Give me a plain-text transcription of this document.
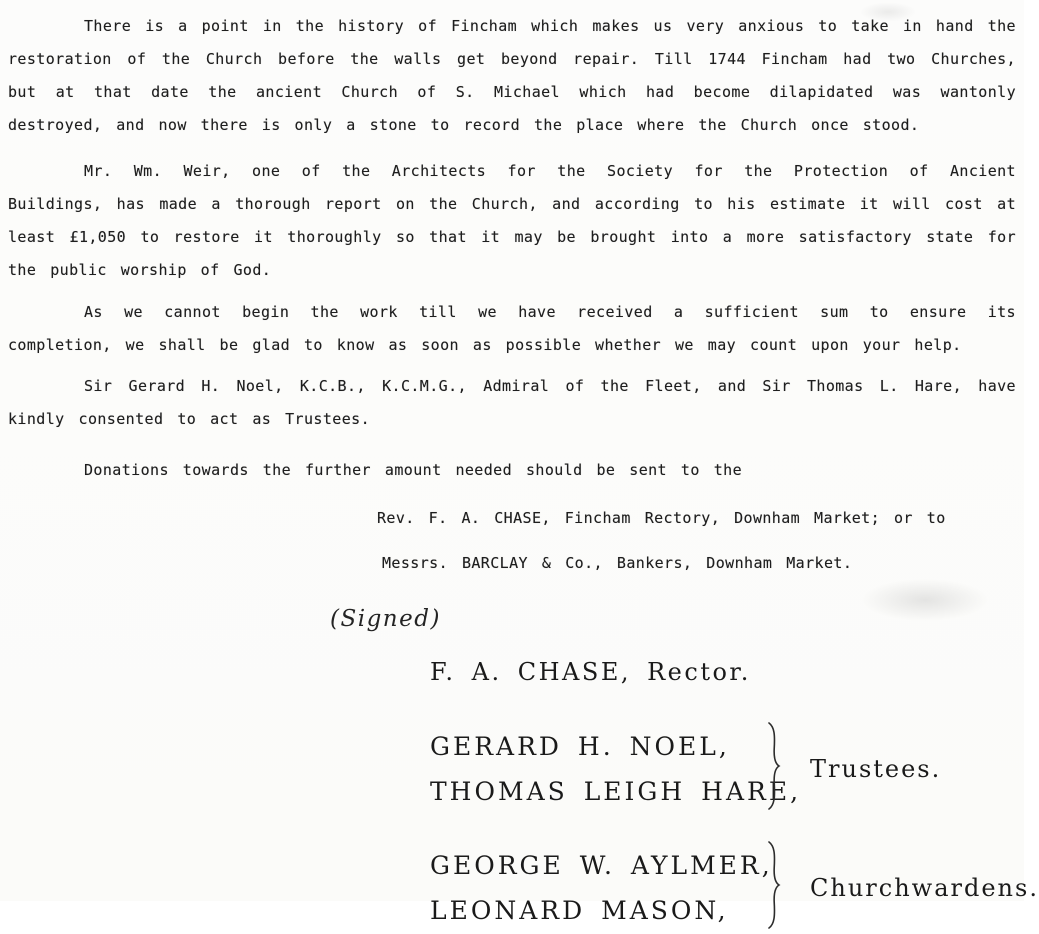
There is a point in the history of Fincham which makes us very anxious to take in hand the restoration of the Church before the walls get beyond repair. Till 1744 Fincham had two Churches, but at that date the ancient Church of S. Michael which had become dilapidated was wantonly destroyed, and now there is only a stone to record the place where the Church once stood.

Mr. Wm. Weir, one of the Architects for the Society for the Protection of Ancient Buildings, has made a thorough report on the Church, and according to his estimate it will cost at least £1,050 to restore it thoroughly so that it may be brought into a more satisfactory state for the public worship of God.

As we cannot begin the work till we have received a sufficient sum to ensure its completion, we shall be glad to know as soon as possible whether we may count upon your help.

Sir Gerard H. Noel, K.C.B., K.C.M.G., Admiral of the Fleet, and Sir Thomas L. Hare, have kindly consented to act as Trustees.

Donations towards the further amount needed should be sent to the

Rev. F. A. CHASE, Fincham Rectory, Downham Market; or to

Messrs. BARCLAY & Co., Bankers, Downham Market.

(Signed)

F. A. CHASE, Rector.

GERARD H. NOEL,
THOMAS LEIGH HARE,
Trustees.
GEORGE W. AYLMER,
LEONARD MASON,
Churchwardens.
